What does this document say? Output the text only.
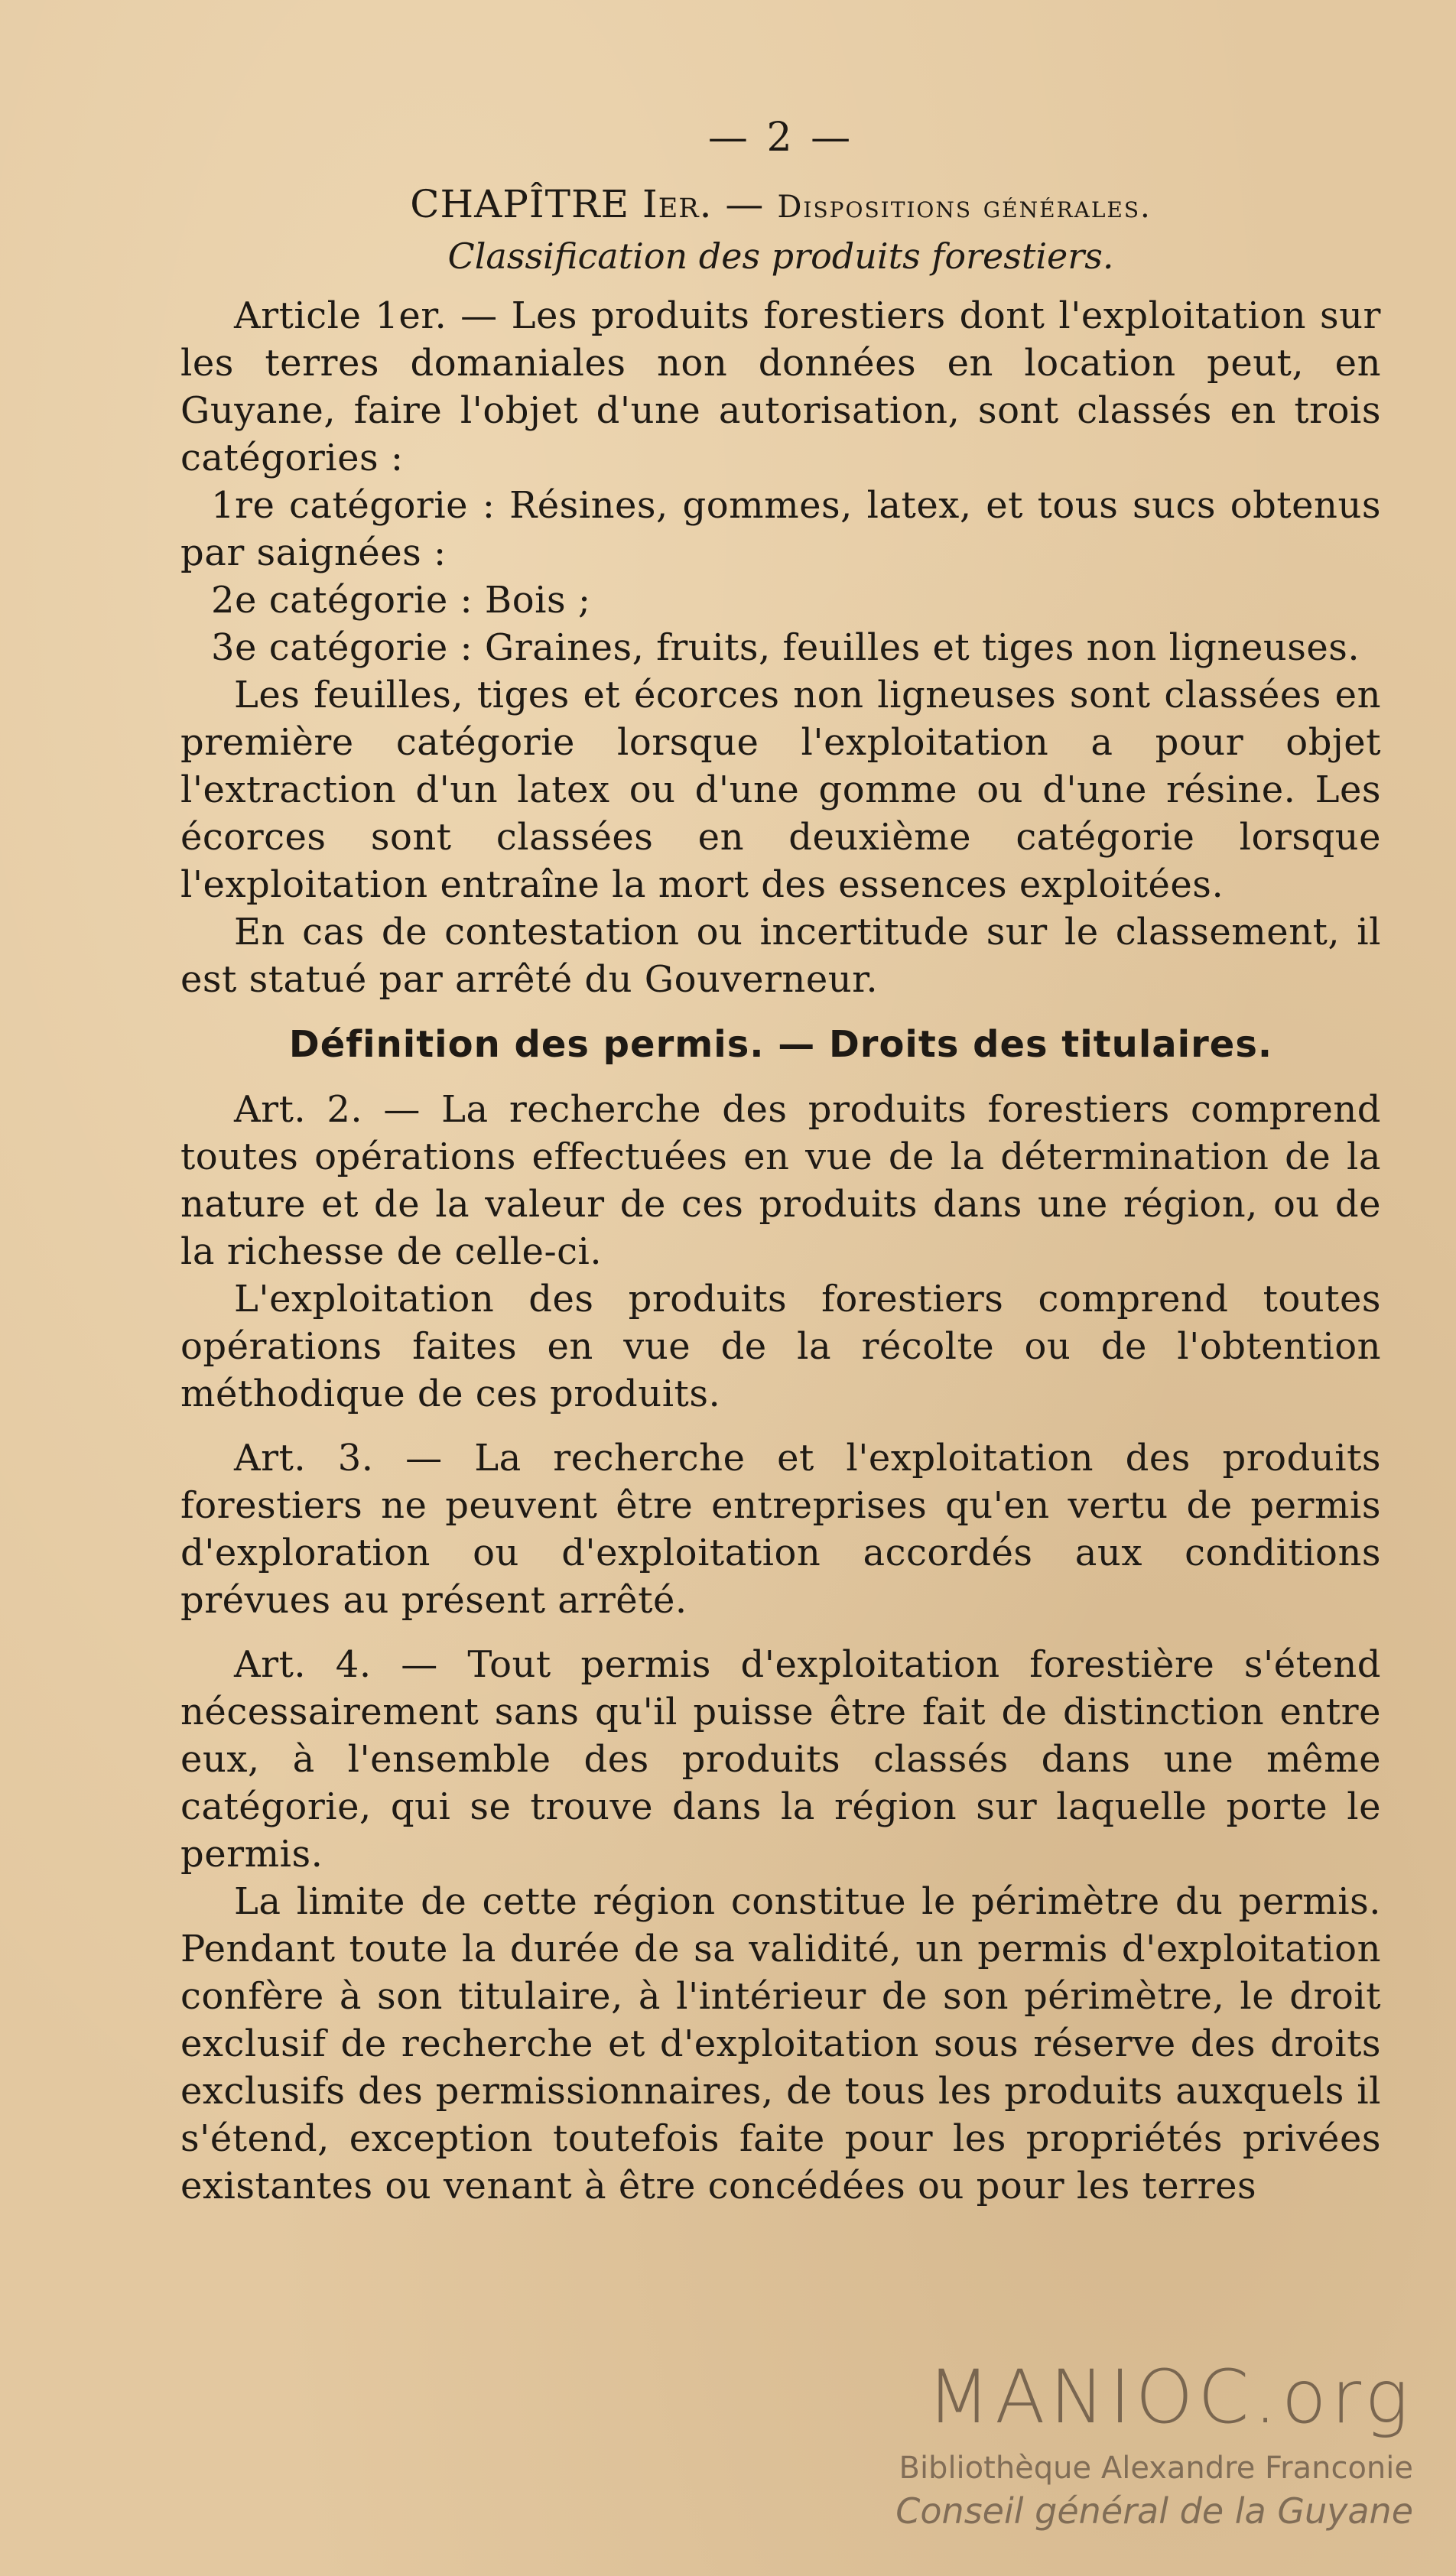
— 2 —
CHAPÎTRE Ier. — Dispositions générales.
Classification des produits forestiers.

Article 1er. — Les produits forestiers dont l'exploitation sur les terres domaniales non données en location peut, en Guyane, faire l'objet d'une autorisation, sont classés en trois catégories :

1re catégorie : Résines, gommes, latex, et tous sucs obtenus par saignées :

2e catégorie : Bois ;

3e catégorie : Graines, fruits, feuilles et tiges non ligneuses.

Les feuilles, tiges et écorces non ligneuses sont classées en première catégorie lorsque l'exploitation a pour objet l'extraction d'un latex ou d'une gomme ou d'une résine. Les écorces sont classées en deuxième catégorie lorsque l'exploitation entraîne la mort des essences exploitées.

En cas de contestation ou incertitude sur le classement, il est statué par arrêté du Gouverneur.

Définition des permis. — Droits des titulaires.

Art. 2. — La recherche des produits forestiers comprend toutes opérations effectuées en vue de la détermination de la nature et de la valeur de ces produits dans une région, ou de la richesse de celle-ci.

L'exploitation des produits forestiers comprend toutes opérations faites en vue de la récolte ou de l'obtention méthodique de ces produits.

Art. 3. — La recherche et l'exploitation des produits forestiers ne peuvent être entreprises qu'en vertu de permis d'exploration ou d'exploitation accordés aux conditions prévues au présent arrêté.

Art. 4. — Tout permis d'exploitation forestière s'étend nécessairement sans qu'il puisse être fait de distinction entre eux, à l'ensemble des produits classés dans une même catégorie, qui se trouve dans la région sur laquelle porte le permis.

La limite de cette région constitue le périmètre du permis. Pendant toute la durée de sa validité, un permis d'exploitation confère à son titulaire, à l'intérieur de son périmètre, le droit exclusif de recherche et d'exploitation sous réserve des droits exclusifs des permissionnaires, de tous les produits auxquels il s'étend, exception toutefois faite pour les propriétés privées existantes ou venant à être concédées ou pour les terres

MANIOC.org
Bibliothèque Alexandre Franconie
Conseil général de la Guyane
